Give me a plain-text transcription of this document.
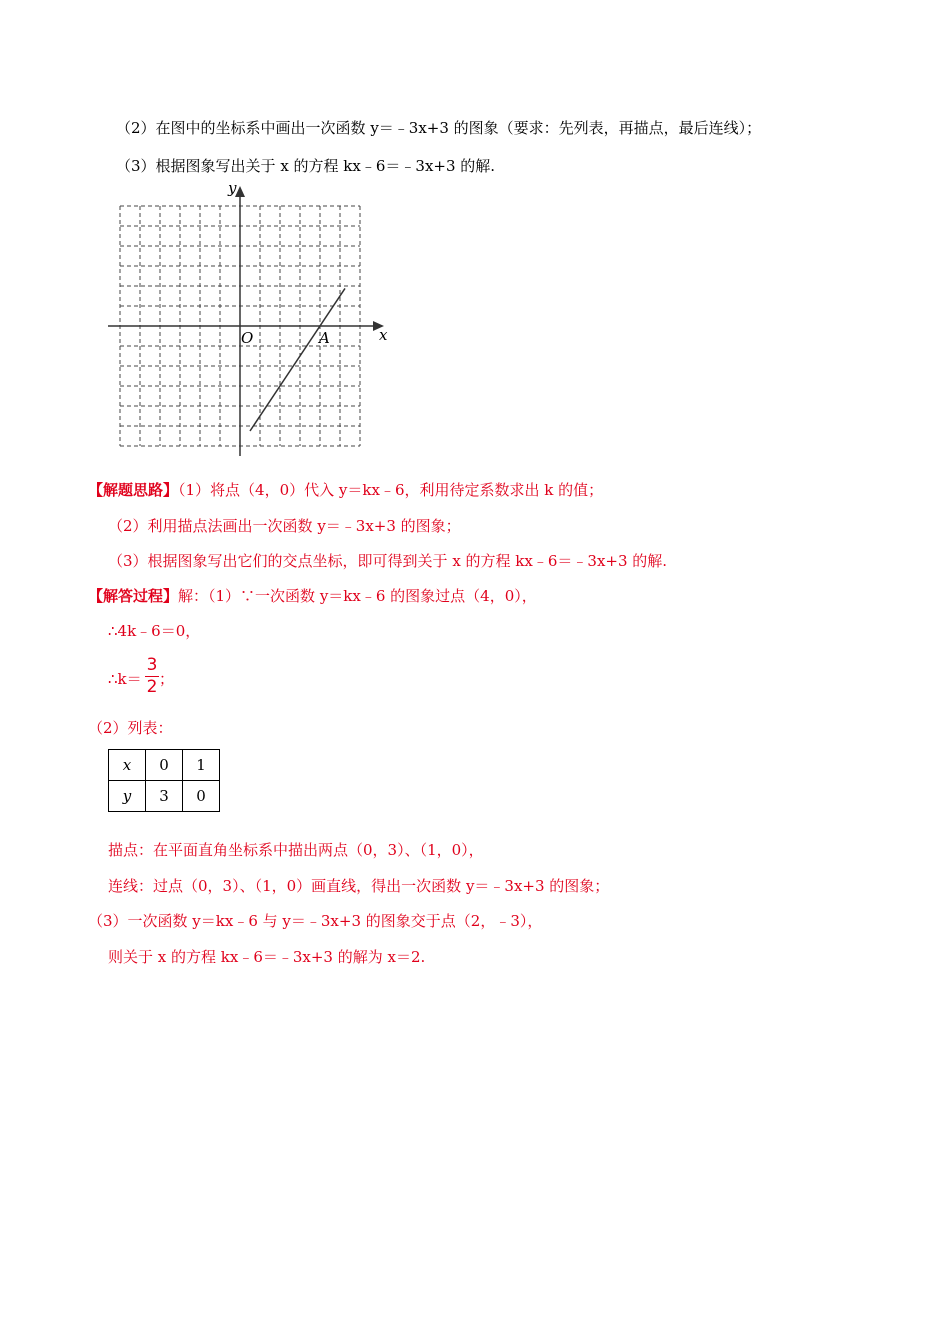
（2）在图中的坐标系中画出一次函数 y＝﹣3x+3 的图象（要求：先列表，再描点，最后连线）；
（3）根据图象写出关于 x 的方程 kx﹣6＝﹣3x+3 的解.
x
y
O	A
【解题思路】（1）将点（4，0）代入 y＝kx﹣6，利用待定系数求出 k 的值；
（2）利用描点法画出一次函数 y＝﹣3x+3 的图象；
（3）根据图象写出它们的交点坐标，即可得到关于 x 的方程 kx﹣6＝﹣3x+3 的解.
【解答过程】解：（1）∵一次函数 y＝kx﹣6 的图象过点（4，0），
∴4k﹣6＝0，
∴k＝
3
2 ；
（2）列表：
x	0	1
y	3	0
描点：在平面直角坐标系中描出两点（0，3）、（1，0），
连线：过点（0，3）、（1，0）画直线，得出一次函数 y＝﹣3x+3 的图象；
（3）一次函数 y＝kx﹣6 与 y＝﹣3x+3 的图象交于点（2，﹣3），
则关于 x 的方程 kx﹣6＝﹣3x+3 的解为 x＝2.
